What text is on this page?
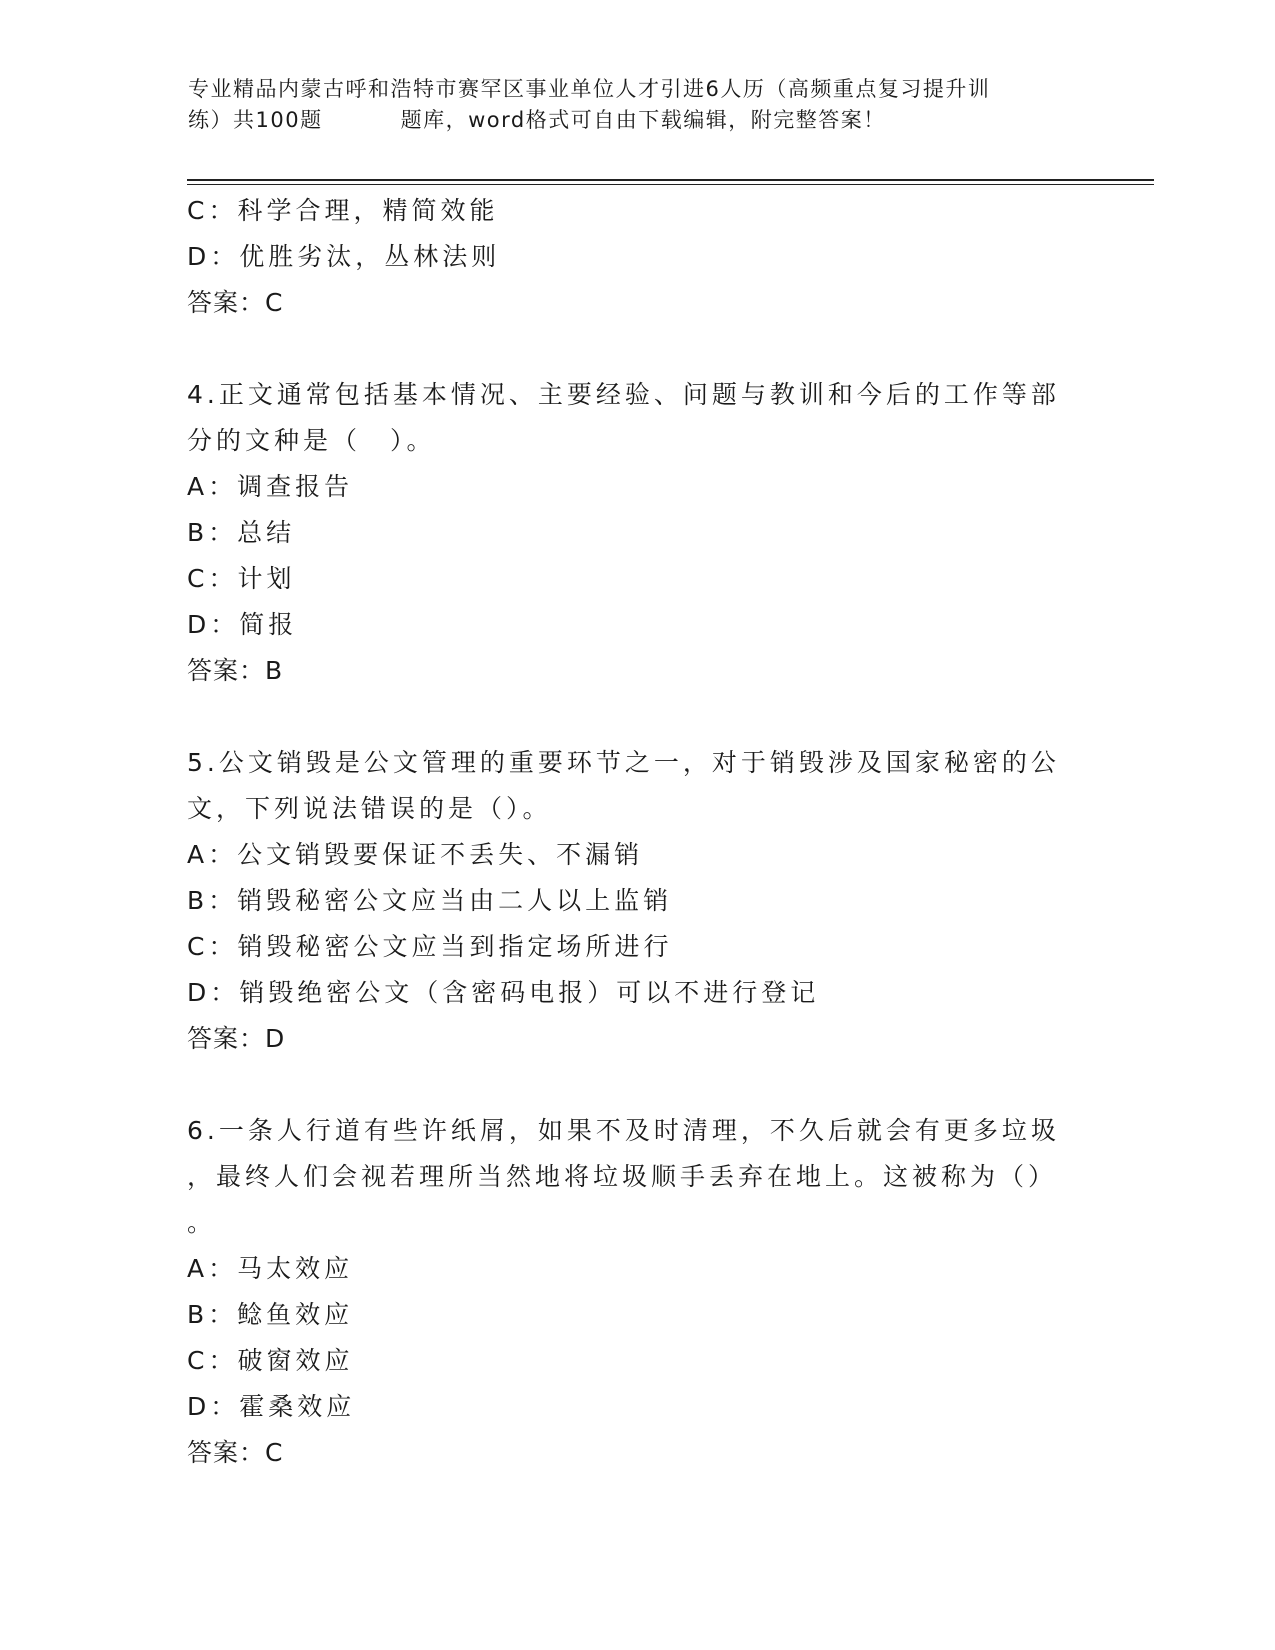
专业精品内蒙古呼和浩特市赛罕区事业单位人才引进6人历（高频重点复习提升训
练）共100题	题库，word格式可自由下载编辑，附完整答案！
C：科学合理，精简效能
D：优胜劣汰，丛林法则
答案：C
4.正文通常包括基本情况、主要经验、问题与教训和今后的工作等部
分的文种是（　）。
A：调查报告
B：总结
C：计划
D：简报
答案：B
5.公文销毁是公文管理的重要环节之一，对于销毁涉及国家秘密的公
文，下列说法错误的是（）。
A：公文销毁要保证不丢失、不漏销
B：销毁秘密公文应当由二人以上监销
C：销毁秘密公文应当到指定场所进行
D：销毁绝密公文（含密码电报）可以不进行登记
答案：D
6.一条人行道有些许纸屑，如果不及时清理，不久后就会有更多垃圾
，最终人们会视若理所当然地将垃圾顺手丢弃在地上。这被称为（）
。
A：马太效应
B：鲶鱼效应
C：破窗效应
D：霍桑效应
答案：C
